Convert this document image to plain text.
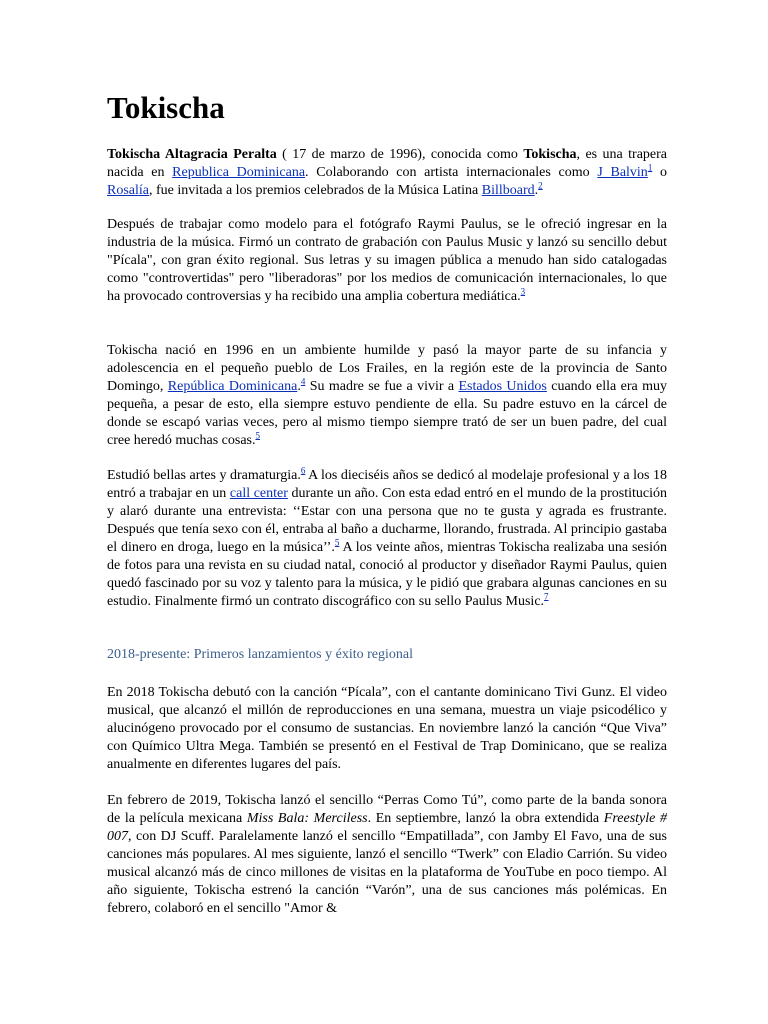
Tokischa

Tokischa Altagracia Peralta ( 17 de marzo de 1996), conocida como Tokischa, es una trapera nacida en Republica Dominicana. Colaborando con artista internacionales como J Balvin$^1$ o Rosalía, fue invitada a los premios celebrados de la Música Latina Billboard.$^2$

Después de trabajar como modelo para el fotógrafo Raymi Paulus, se le ofreció ingresar en la industria de la música. Firmó un contrato de grabación con Paulus Music y lanzó su sencillo debut "Pícala", con gran éxito regional. Sus letras y su imagen pública a menudo han sido catalogadas como "controvertidas" pero "liberadoras" por los medios de comunicación internacionales, lo que ha provocado controversias y ha recibido una amplia cobertura mediática.$^3$

Tokischa nació en 1996 en un ambiente humilde y pasó la mayor parte de su infancia y adolescencia en el pequeño pueblo de Los Frailes, en la región este de la provincia de Santo Domingo, República Dominicana.$^4$ Su madre se fue a vivir a Estados Unidos cuando ella era muy pequeña, a pesar de esto, ella siempre estuvo pendiente de ella. Su padre estuvo en la cárcel de donde se escapó varias veces, pero al mismo tiempo siempre trató de ser un buen padre, del cual cree heredó muchas cosas.$^5$

Estudió bellas artes y dramaturgia.$^6$ A los dieciséis años se dedicó al modelaje profesional y a los 18 entró a trabajar en un call center durante un año. Con esta edad entró en el mundo de la prostitución y alaró durante una entrevista: ‘‘Estar con una persona que no te gusta y agrada es frustrante. Después que tenía sexo con él, entraba al baño a ducharme, llorando, frustrada. Al principio gastaba el dinero en droga, luego en la música’’.$^5$ A los veinte años, mientras Tokischa realizaba una sesión de fotos para una revista en su ciudad natal, conoció al productor y diseñador Raymi Paulus, quien quedó fascinado por su voz y talento para la música, y le pidió que grabara algunas canciones en su estudio. Finalmente firmó un contrato discográfico con su sello Paulus Music.$^7$

2018-presente: Primeros lanzamientos y éxito regional

En 2018 Tokischa debutó con la canción “Pícala”, con el cantante dominicano Tivi Gunz. El video musical, que alcanzó el millón de reproducciones en una semana, muestra un viaje psicodélico y alucinógeno provocado por el consumo de sustancias. En noviembre lanzó la canción “Que Viva” con Químico Ultra Mega. También se presentó en el Festival de Trap Dominicano, que se realiza anualmente en diferentes lugares del país.

En febrero de 2019, Tokischa lanzó el sencillo “Perras Como Tú”, como parte de la banda sonora de la película mexicana Miss Bala: Merciless. En septiembre, lanzó la obra extendida Freestyle # 007, con DJ Scuff. Paralelamente lanzó el sencillo “Empatillada”, con Jamby El Favo, una de sus canciones más populares. Al mes siguiente, lanzó el sencillo “Twerk” con Eladio Carrión. Su video musical alcanzó más de cinco millones de visitas en la plataforma de YouTube en poco tiempo. Al año siguiente, Tokischa estrenó la canción “Varón”, una de sus canciones más polémicas. En febrero, colaboró en el sencillo "Amor &
